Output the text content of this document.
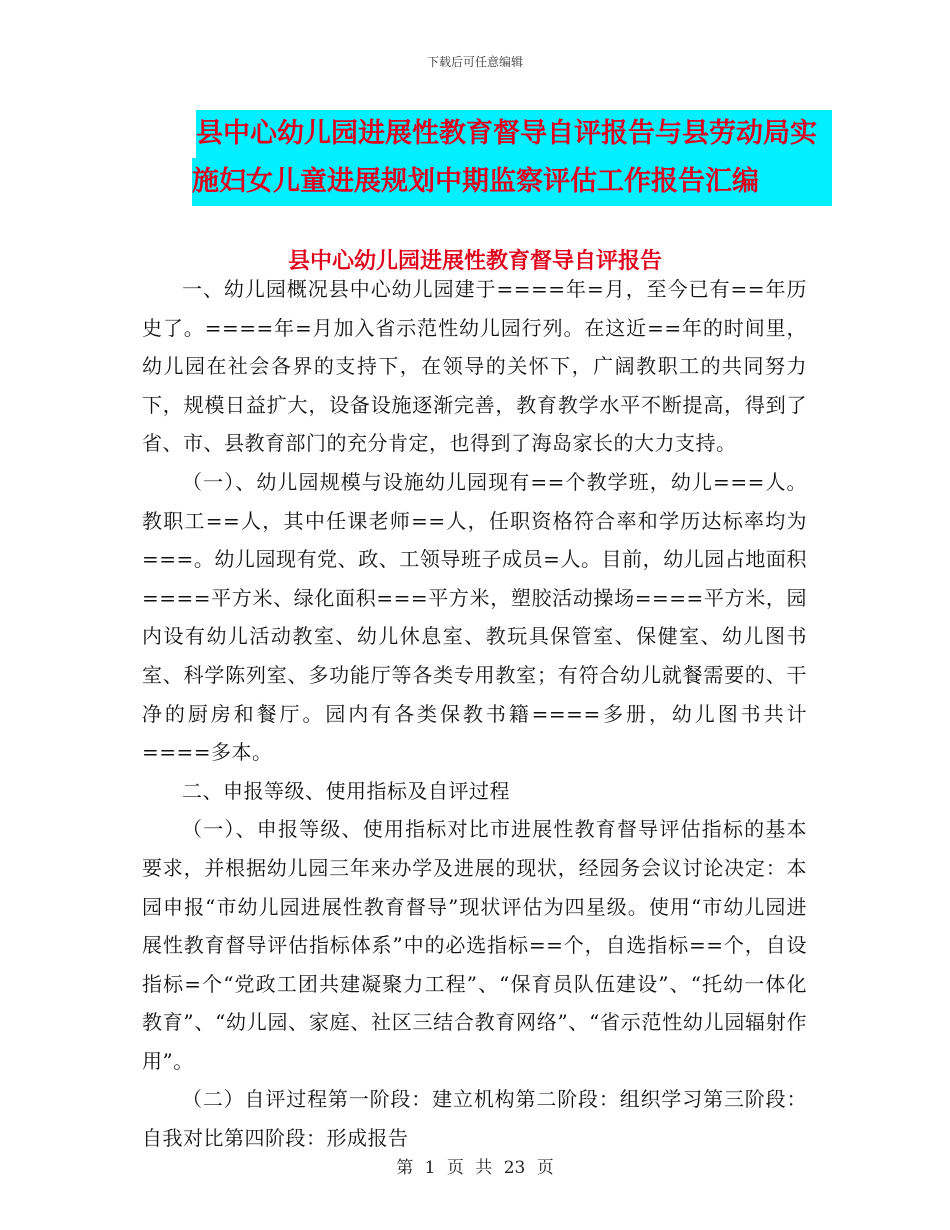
下载后可任意编辑
县中心幼儿园进展性教育督导自评报告与县劳动局实
施妇女儿童进展规划中期监察评估工作报告汇编
县中心幼儿园进展性教育督导自评报告

一、幼儿园概况县中心幼儿园建于====年=月，至今已有==年历史了。====年=月加入省示范性幼儿园行列。在这近==年的时间里，幼儿园在社会各界的支持下，在领导的关怀下，广阔教职工的共同努力下，规模日益扩大，设备设施逐渐完善，教育教学水平不断提高，得到了省、市、县教育部门的充分肯定，也得到了海岛家长的大力支持。

（一）、幼儿园规模与设施幼儿园现有==个教学班，幼儿===人。教职工==人，其中任课老师==人，任职资格符合率和学历达标率均为===。幼儿园现有党、政、工领导班子成员=人。目前，幼儿园占地面积====平方米、绿化面积===平方米，塑胶活动操场====平方米，园内设有幼儿活动教室、幼儿休息室、教玩具保管室、保健室、幼儿图书室、科学陈列室、多功能厅等各类专用教室；有符合幼儿就餐需要的、干净的厨房和餐厅。园内有各类保教书籍====多册，幼儿图书共计====多本。

二、申报等级、使用指标及自评过程

（一）、申报等级、使用指标对比市进展性教育督导评估指标的基本要求，并根据幼儿园三年来办学及进展的现状，经园务会议讨论决定：本园申报“市幼儿园进展性教育督导”现状评估为四星级。使用“市幼儿园进展性教育督导评估指标体系”中的必选指标==个，自选指标==个，自设指标=个“党政工团共建凝聚力工程”、“保育员队伍建设”、“托幼一体化教育”、“幼儿园、家庭、社区三结合教育网络”、“省示范性幼儿园辐射作用”。

（二）自评过程第一阶段：建立机构第二阶段：组织学习第三阶段：自我对比第四阶段：形成报告

第 1 页 共 23 页
